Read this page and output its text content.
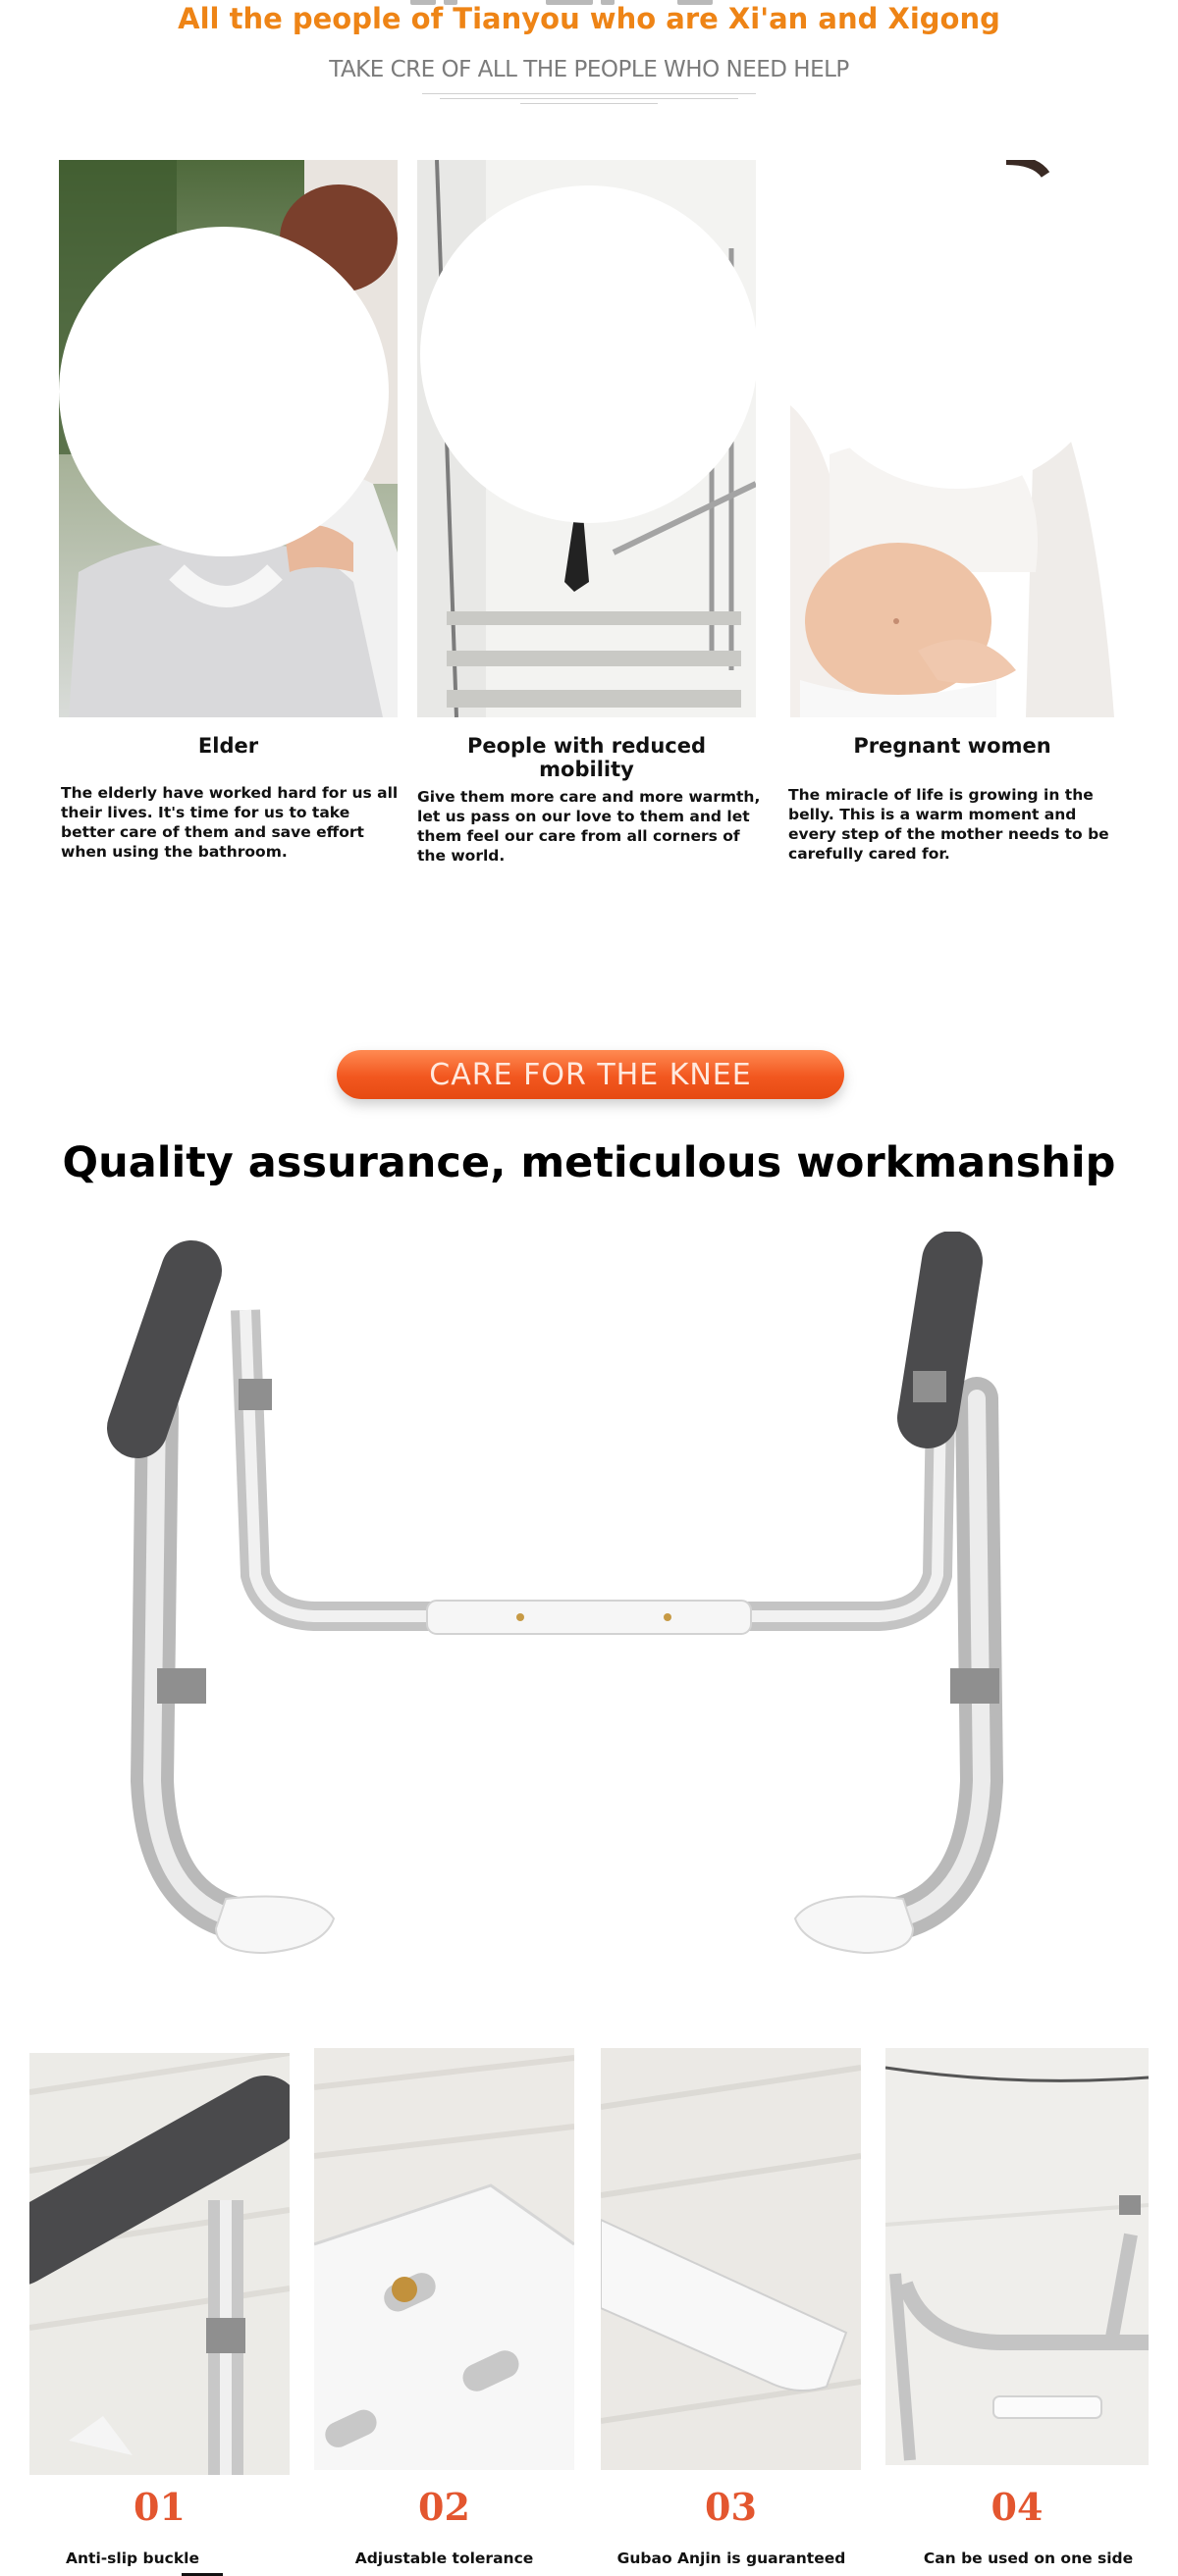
All the people of Tianyou who are Xi'an and Xigong
TAKE CRE OF ALL THE PEOPLE WHO NEED HELP
Elder	People with reduced mobility
Pregnant women
The elderly have worked hard for us all their lives. It's time for us to take better care of them and save effort when using the bathroom.
Give them more care and more warmth, let us pass on our love to them and let them feel our care from all corners of the world.
The miracle of life is growing in the belly. This is a warm moment and every step of the mother needs to be carefully cared for.
CARE FOR THE KNEE
Quality assurance, meticulous workmanship
01	02	03	04
Anti-slip buckle	Adjustable tolerance	Gubao Anjin is guaranteed	Can be used on one side
